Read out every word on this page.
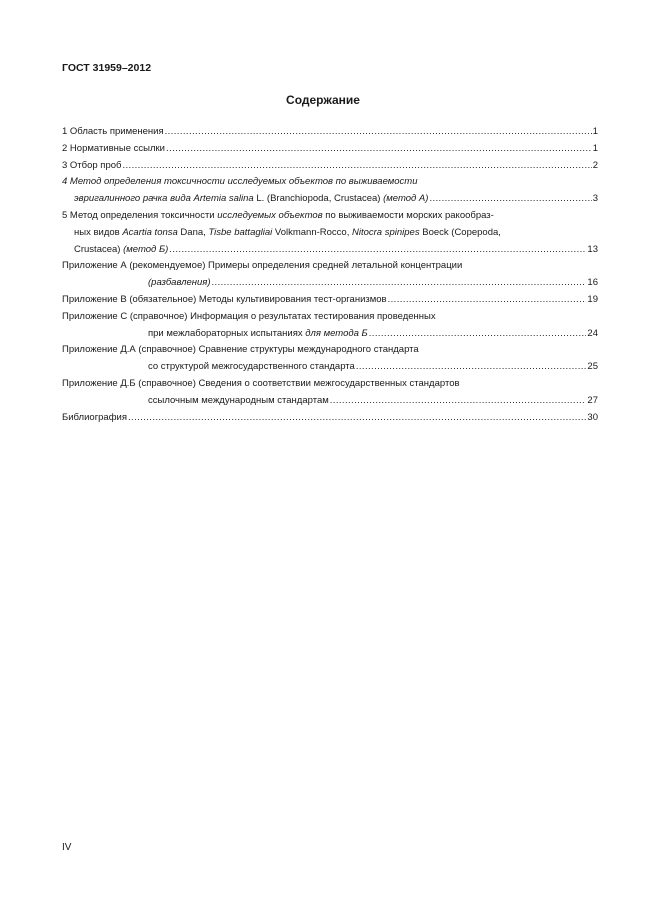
ГОСТ 31959–2012
Содержание
1 Область применения .....	1
2 Нормативные ссылки .....	1
3 Отбор проб .....	2
4 Метод определения токсичности исследуемых объектов по выживаемости
эвригалинного рачка вида Artemia salina L. (Branchiopoda, Crustacea) (метод А) .....	3
5 Метод определения токсичности исследуемых объектов по выживаемости морских ракообраз-
ных видов Acartia tonsa Dana, Tisbe battagliai Volkmann-Rocco, Nitocra spinipes Boeck (Copepoda,
Crustacea) (метод Б) .....	13
Приложение А (рекомендуемое) Примеры определения средней летальной концентрации
(разбавления) .....	16
Приложение В (обязательное) Методы культивирования тест-организмов .....	19
Приложение С (справочное) Информация о результатах тестирования проведенных
при межлабораторных испытаниях для метода Б .....	24
Приложение Д.А (справочное) Сравнение структуры международного стандарта
со структурой межгосударственного стандарта .....	25
Приложение Д.Б (справочное) Сведения о соответствии межгосударственных стандартов
ссылочным международным стандартам .....	27
Библиография .....	30
IV
